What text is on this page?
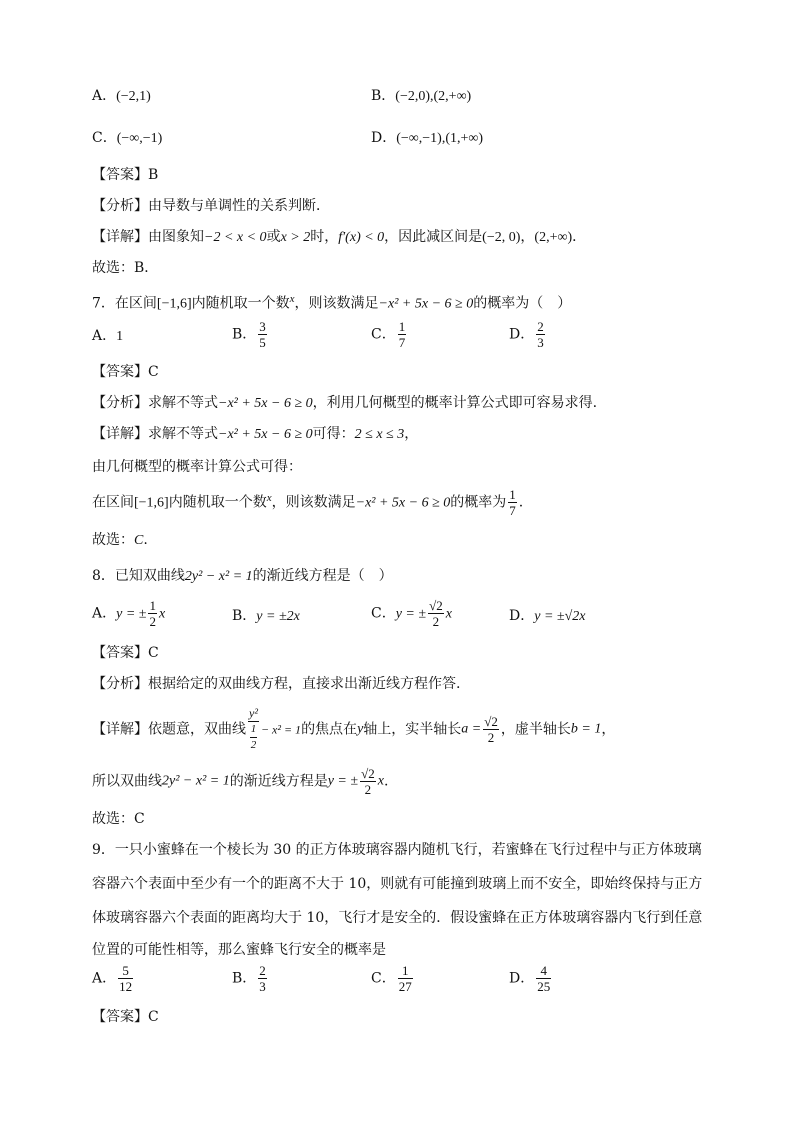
A．(−2,1)	B．(−2,0),(2,+∞)
C．(−∞,−1)	D．(−∞,−1),(1,+∞)
【答案】B
【分析】由导数与单调性的关系判断．
【详解】由图象知−2 < x < 0或x > 2时，f′(x) < 0，因此减区间是(−2, 0)，(2,+∞)．
故选：B．
7．在区间[−1,6]内随机取一个数$^x$，则该数满足−x² + 5x − 6 ≥ 0的概率为（　）
A．1	B． $\frac{3}{5}$	C． $\frac{1}{7}$	D． $\frac{2}{3}$
【答案】C
【分析】求解不等式−x² + 5x − 6 ≥ 0，利用几何概型的概率计算公式即可容易求得.
【详解】求解不等式−x² + 5x − 6 ≥ 0可得：2 ≤ x ≤ 3，
由几何概型的概率计算公式可得：
在区间[−1,6]内随机取一个数$^x$，则该数满足−x² + 5x − 6 ≥ 0的概率为 $\frac{1}{7}$ .
故选：C.
8．已知双曲线2y² − x² = 1的渐近线方程是（　）
A．y = ± $\frac{1}{2}$ x	B．y = ±2x	C．y = ± $\frac{√2}{2}$ x	D．y = ±√2x
【答案】C
【分析】根据给定的双曲线方程，直接求出渐近线方程作答.
【详解】依题意，双曲线 $\frac{\text{y²}}{\frac{1}{2}} - x^2 = 1$的焦点在y轴上，实半轴长$a = \frac{√2}{2}$ ，虚半轴长b = 1，
所以双曲线2y² − x² = 1的渐近线方程是y = ± $\frac{√2}{2} x$.
故选：C
9．一只小蜜蜂在一个棱长为 30 的正方体玻璃容器内随机飞行，若蜜蜂在飞行过程中与正方体玻璃
容器六个表面中至少有一个的距离不大于 10，则就有可能撞到玻璃上而不安全，即始终保持与正方
体玻璃容器六个表面的距离均大于 10，飞行才是安全的．假设蜜蜂在正方体玻璃容器内飞行到任意
位置的可能性相等，那么蜜蜂飞行安全的概率是
A． $\frac{5}{12}$	B． $\frac{2}{3}$	C． $\frac{1}{27}$	D． $\frac{4}{25}$
【答案】C
